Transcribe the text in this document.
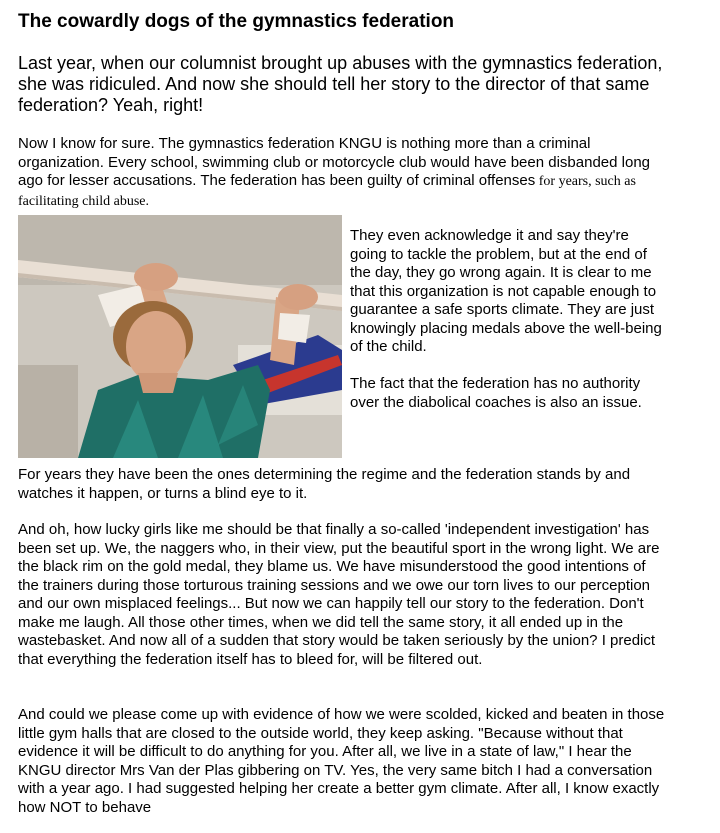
The cowardly dogs of the gymnastics federation

Last year, when our columnist brought up abuses with the gymnastics federation, she was ridiculed. And now she should tell her story to the director of that same federation? Yeah, right!

Now I know for sure. The gymnastics federation KNGU is nothing more than a criminal organization. Every school, swimming club or motorcycle club would have been disbanded long ago for lesser accusations. The federation has been guilty of criminal offenses for years, such as facilitating child abuse.

They even acknowledge it and say they're going to tackle the problem, but at the end of the day, they go wrong again. It is clear to me that this organization is not capable enough to guarantee a safe sports climate. They are just knowingly placing medals above the well-being of the child.

The fact that the federation has no authority over the diabolical coaches is also an issue.

For years they have been the ones determining the regime and the federation stands by and watches it happen, or turns a blind eye to it.

And oh, how lucky girls like me should be that finally a so-called 'independent investigation' has been set up. We, the naggers who, in their view, put the beautiful sport in the wrong light. We are the black rim on the gold medal, they blame us. We have misunderstood the good intentions of the trainers during those torturous training sessions and we owe our torn lives to our perception and our own misplaced feelings... But now we can happily tell our story to the federation. Don't make me laugh. All those other times, when we did tell the same story, it all ended up in the wastebasket. And now all of a sudden that story would be taken seriously by the union? I predict that everything the federation itself has to bleed for, will be filtered out.

And could we please come up with evidence of how we were scolded, kicked and beaten in those little gym halls that are closed to the outside world, they keep asking. "Because without that evidence it will be difficult to do anything for you. After all, we live in a state of law," I hear the KNGU director Mrs Van der Plas gibbering on TV. Yes, the very same bitch I had a conversation with a year ago. I had suggested helping her create a better gym climate. After all, I know exactly how NOT to behave
